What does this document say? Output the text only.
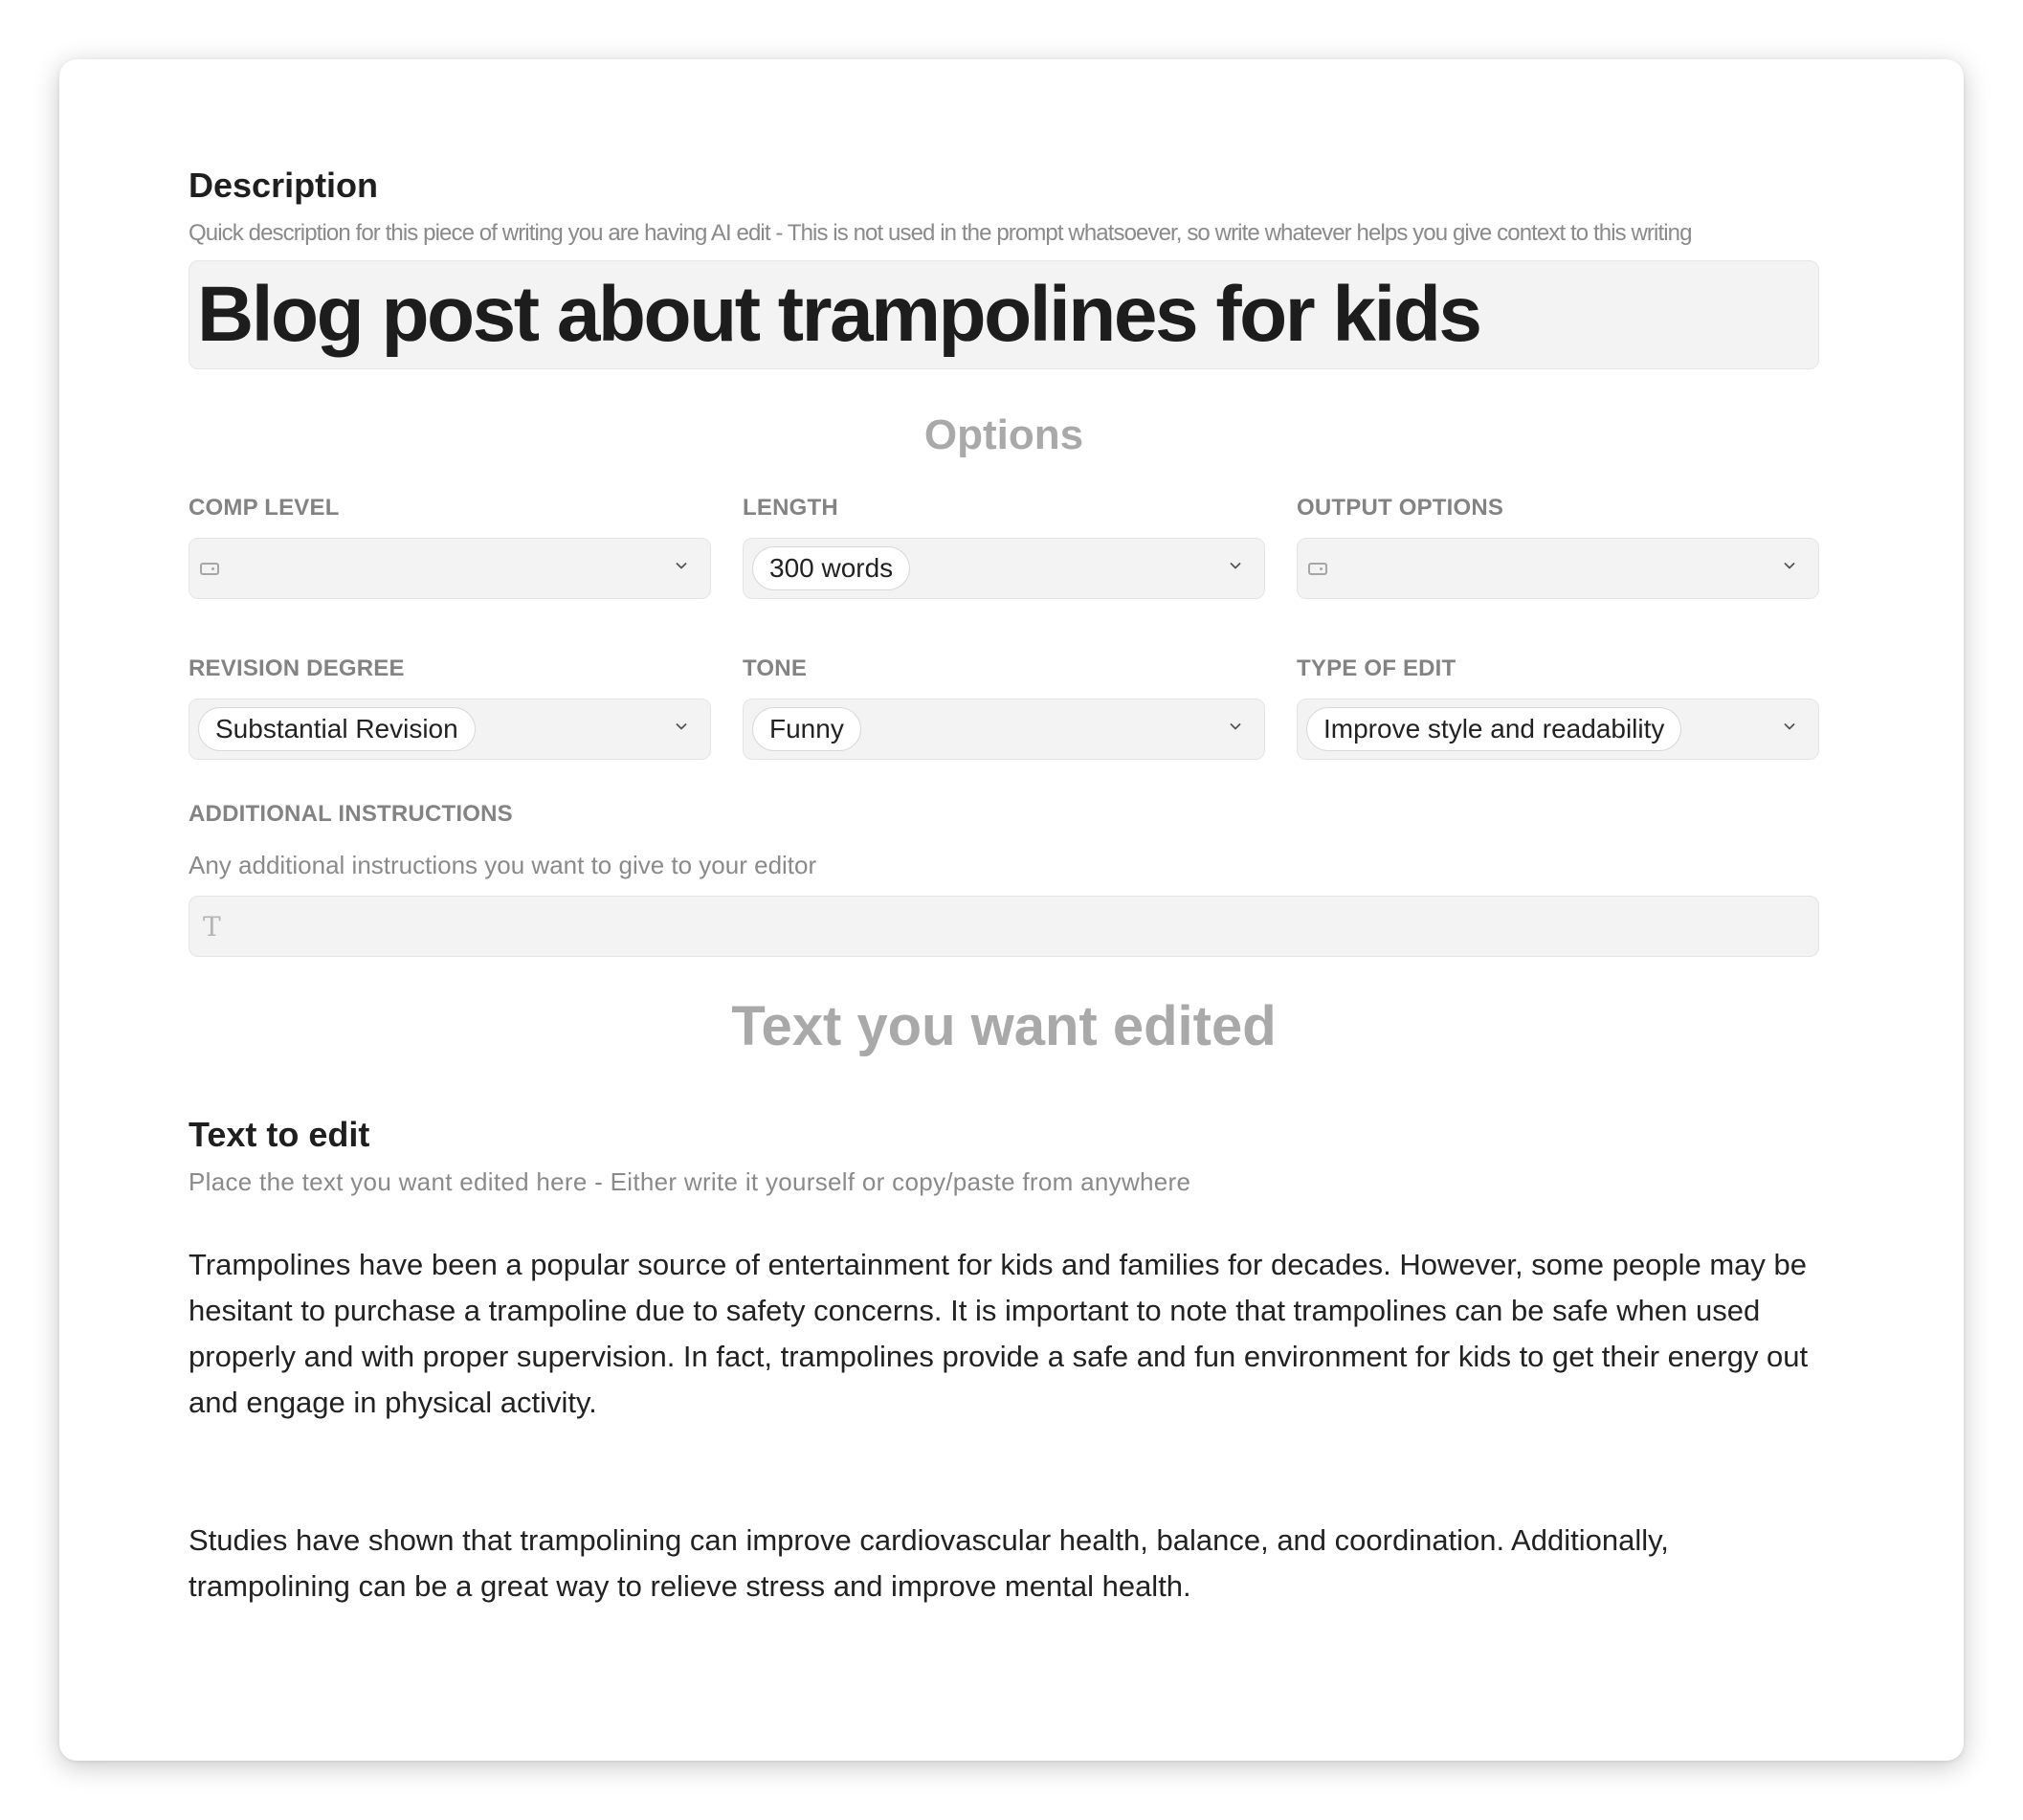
Description
Quick description for this piece of writing you are having AI edit - This is not used in the prompt whatsoever, so write whatever helps you give context to this writing
Blog post about trampolines for kids
Options
COMP LEVEL	LENGTH
300 words
OUTPUT OPTIONS
REVISION DEGREE
Substantial Revision
TONE
Funny
TYPE OF EDIT
Improve style and readability
ADDITIONAL INSTRUCTIONS
Any additional instructions you want to give to your editor
T
Text you want edited
Text to edit
Place the text you want edited here - Either write it yourself or copy/paste from anywhere

Trampolines have been a popular source of entertainment for kids and families for decades. However, some people may be hesitant to purchase a trampoline due to safety concerns. It is important to note that trampolines can be safe when used properly and with proper supervision. In fact, trampolines provide a safe and fun environment for kids to get their energy out and engage in physical activity.

Studies have shown that trampolining can improve cardiovascular health, balance, and coordination. Additionally, trampolining can be a great way to relieve stress and improve mental health.
